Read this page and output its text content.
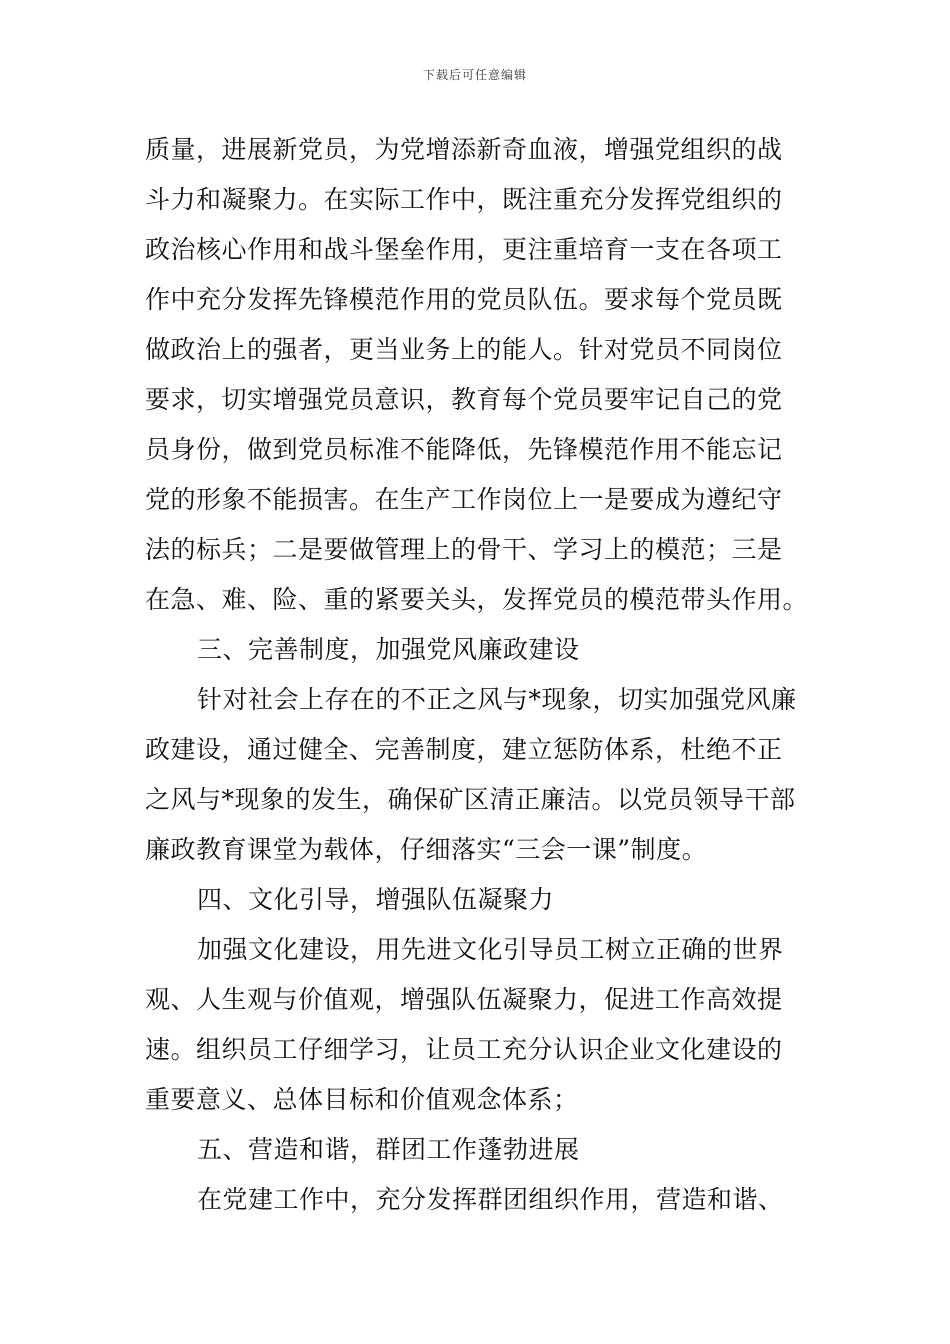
下载后可任意编辑
质量，进展新党员，为党增添新奇血液，增强党组织的战
斗力和凝聚力。在实际工作中，既注重充分发挥党组织的
政治核心作用和战斗堡垒作用，更注重培育一支在各项工
作中充分发挥先锋模范作用的党员队伍。要求每个党员既
做政治上的强者，更当业务上的能人。针对党员不同岗位
要求，切实增强党员意识，教育每个党员要牢记自己的党
员身份，做到党员标准不能降低，先锋模范作用不能忘记
党的形象不能损害。在生产工作岗位上一是要成为遵纪守
法的标兵；二是要做管理上的骨干、学习上的模范；三是
在急、难、险、重的紧要关头，发挥党员的模范带头作用。
三、完善制度，加强党风廉政建设
针对社会上存在的不正之风与*现象，切实加强党风廉
政建设，通过健全、完善制度，建立惩防体系，杜绝不正
之风与*现象的发生，确保矿区清正廉洁。以党员领导干部
廉政教育课堂为载体，仔细落实“三会一课”制度。
四、文化引导，增强队伍凝聚力
加强文化建设，用先进文化引导员工树立正确的世界
观、人生观与价值观，增强队伍凝聚力，促进工作高效提
速。组织员工仔细学习，让员工充分认识企业文化建设的
重要意义、总体目标和价值观念体系；
五、营造和谐，群团工作蓬勃进展
在党建工作中，充分发挥群团组织作用，营造和谐、
